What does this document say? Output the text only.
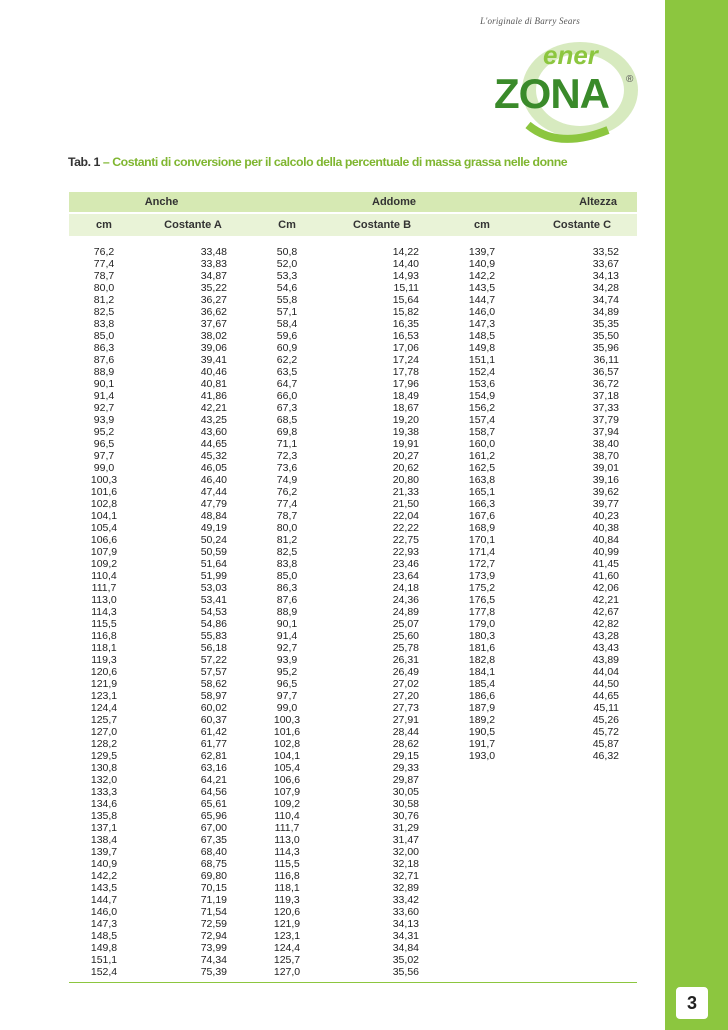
L'originale di Barry Sears
ener
ZONA ®
Tab. 1 – Costanti di conversione per il calcolo della percentuale di massa grassa nelle donne
Anche	Addome	Altezza
cm	Costante A	Cm	Costante B	cm	Costante C
76,2	33,48	50,8	14,22	139,7	33,52
77,4	33,83	52,0	14,40	140,9	33,67
78,7	34,87	53,3	14,93	142,2	34,13
80,0	35,22	54,6	15,11	143,5	34,28
81,2	36,27	55,8	15,64	144,7	34,74
82,5	36,62	57,1	15,82	146,0	34,89
83,8	37,67	58,4	16,35	147,3	35,35
85,0	38,02	59,6	16,53	148,5	35,50
86,3	39,06	60,9	17,06	149,8	35,96
87,6	39,41	62,2	17,24	151,1	36,11
88,9	40,46	63,5	17,78	152,4	36,57
90,1	40,81	64,7	17,96	153,6	36,72
91,4	41,86	66,0	18,49	154,9	37,18
92,7	42,21	67,3	18,67	156,2	37,33
93,9	43,25	68,5	19,20	157,4	37,79
95,2	43,60	69,8	19,38	158,7	37,94
96,5	44,65	71,1	19,91	160,0	38,40
97,7	45,32	72,3	20,27	161,2	38,70
99,0	46,05	73,6	20,62	162,5	39,01
100,3	46,40	74,9	20,80	163,8	39,16
101,6	47,44	76,2	21,33	165,1	39,62
102,8	47,79	77,4	21,50	166,3	39,77
104,1	48,84	78,7	22,04	167,6	40,23
105,4	49,19	80,0	22,22	168,9	40,38
106,6	50,24	81,2	22,75	170,1	40,84
107,9	50,59	82,5	22,93	171,4	40,99
109,2	51,64	83,8	23,46	172,7	41,45
110,4	51,99	85,0	23,64	173,9	41,60
111,7	53,03	86,3	24,18	175,2	42,06
113,0	53,41	87,6	24,36	176,5	42,21
114,3	54,53	88,9	24,89	177,8	42,67
115,5	54,86	90,1	25,07	179,0	42,82
116,8	55,83	91,4	25,60	180,3	43,28
118,1	56,18	92,7	25,78	181,6	43,43
119,3	57,22	93,9	26,31	182,8	43,89
120,6	57,57	95,2	26,49	184,1	44,04
121,9	58,62	96,5	27,02	185,4	44,50
123,1	58,97	97,7	27,20	186,6	44,65
124,4	60,02	99,0	27,73	187,9	45,11
125,7	60,37	100,3	27,91	189,2	45,26
127,0	61,42	101,6	28,44	190,5	45,72
128,2	61,77	102,8	28,62	191,7	45,87
129,5	62,81	104,1	29,15	193,0	46,32
130,8	63,16	105,4	29,33
132,0	64,21	106,6	29,87
133,3	64,56	107,9	30,05
134,6	65,61	109,2	30,58
135,8	65,96	110,4	30,76
137,1	67,00	111,7	31,29
138,4	67,35	113,0	31,47
139,7	68,40	114,3	32,00
140,9	68,75	115,5	32,18
142,2	69,80	116,8	32,71
143,5	70,15	118,1	32,89
144,7	71,19	119,3	33,42
146,0	71,54	120,6	33,60
147,3	72,59	121,9	34,13
148,5	72,94	123,1	34,31
149,8	73,99	124,4	34,84
151,1	74,34	125,7	35,02
152,4	75,39	127,0	35,56
3
